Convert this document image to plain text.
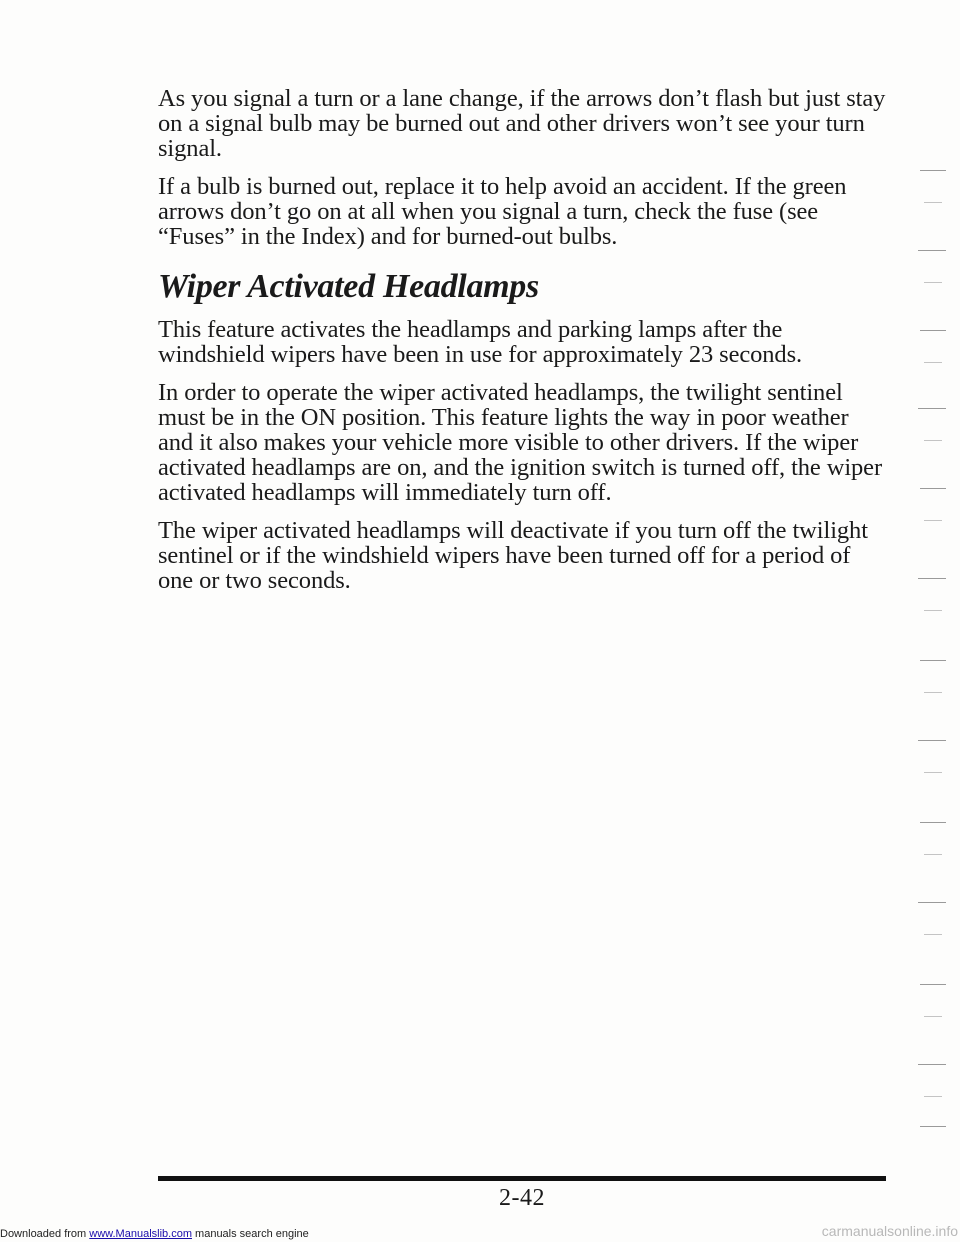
As you signal a turn or a lane change, if the arrows don’t flash but just stay on a signal bulb may be burned out and other drivers won’t see your turn signal.

If a bulb is burned out, replace it to help avoid an accident. If the green arrows don’t go on at all when you signal a turn, check the fuse (see “Fuses” in the Index) and for burned-out bulbs.

Wiper Activated Headlamps

This feature activates the headlamps and parking lamps after the windshield wipers have been in use for approximately 23 seconds.

In order to operate the wiper activated headlamps, the twilight sentinel must be in the ON position. This feature lights the way in poor weather and it also makes your vehicle more visible to other drivers. If the wiper activated headlamps are on, and the ignition switch is turned off, the wiper activated headlamps will immediately turn off.

The wiper activated headlamps will deactivate if you turn off the twilight sentinel or if the windshield wipers have been turned off for a period of one or two seconds.

2-42
Downloaded from www.Manualslib.com manuals search engine	carmanualsonline.info
